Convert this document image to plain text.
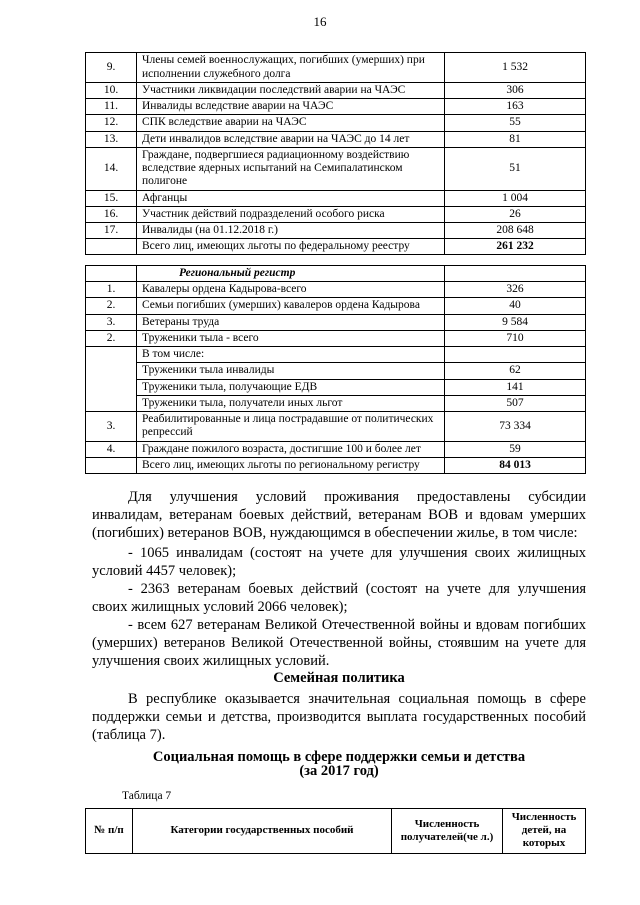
16
9.	Члены семей военнослужащих, погибших (умерших) при исполнении служебного долга	1 532
10.	Участники ликвидации последствий аварии на ЧАЭС	306
11.	Инвалиды вследствие аварии на ЧАЭС	163
12.	СПК вследствие аварии на ЧАЭС	55
13.	Дети инвалидов вследствие аварии на ЧАЭС до 14 лет	81
14.	Граждане, подвергшиеся радиационному воздействию вследствие ядерных испытаний на Семипалатинском полигоне	51
15.	Афганцы	1 004
16.	Участник действий подразделений особого риска	26
17.	Инвалиды (на 01.12.2018 г.)	208 648
	Всего лиц, имеющих льготы по федеральному реестру	261 232
	Региональный регистр	
1.	Кавалеры ордена Кадырова-всего	326
2.	Семьи погибших (умерших) кавалеров ордена Кадырова	40
3.	Ветераны труда	9 584
2.	Труженики тыла - всего	710
	В том числе:	
	Труженики тыла инвалиды	62
	Труженики тыла, получающие ЕДВ	141
	Труженики тыла, получатели иных льгот	507
3.	Реабилитированные и лица пострадавшие от политических репрессий	73 334
4.	Граждане пожилого возраста, достигшие 100 и более лет	59
	Всего лиц, имеющих льготы по региональному регистру	84 013

Для улучшения условий проживания предоставлены субсидии инвалидам, ветеранам боевых действий, ветеранам ВОВ и вдовам умерших (погибших) ветеранов ВОВ, нуждающимся в обеспечении жилье, в том числе:

- 1065 инвалидам (состоят на учете для улучшения своих жилищных условий 4457 человек);

- 2363 ветеранам боевых действий (состоят на учете для улучшения своих жилищных условий 2066 человек);

- всем 627 ветеранам Великой Отечественной войны и вдовам погибших (умерших) ветеранов Великой Отечественной войны, стоявшим на учете для улучшения своих жилищных условий.

Семейная политика

В республике оказывается значительная социальная помощь в сфере поддержки семьи и детства, производится выплата государственных пособий (таблица 7).

Социальная помощь в сфере поддержки семьи и детства

(за 2017 год)

Таблица 7
№ п/п	Категории государственных пособий	Численность получателей(че л.)	Численность детей, на которых
